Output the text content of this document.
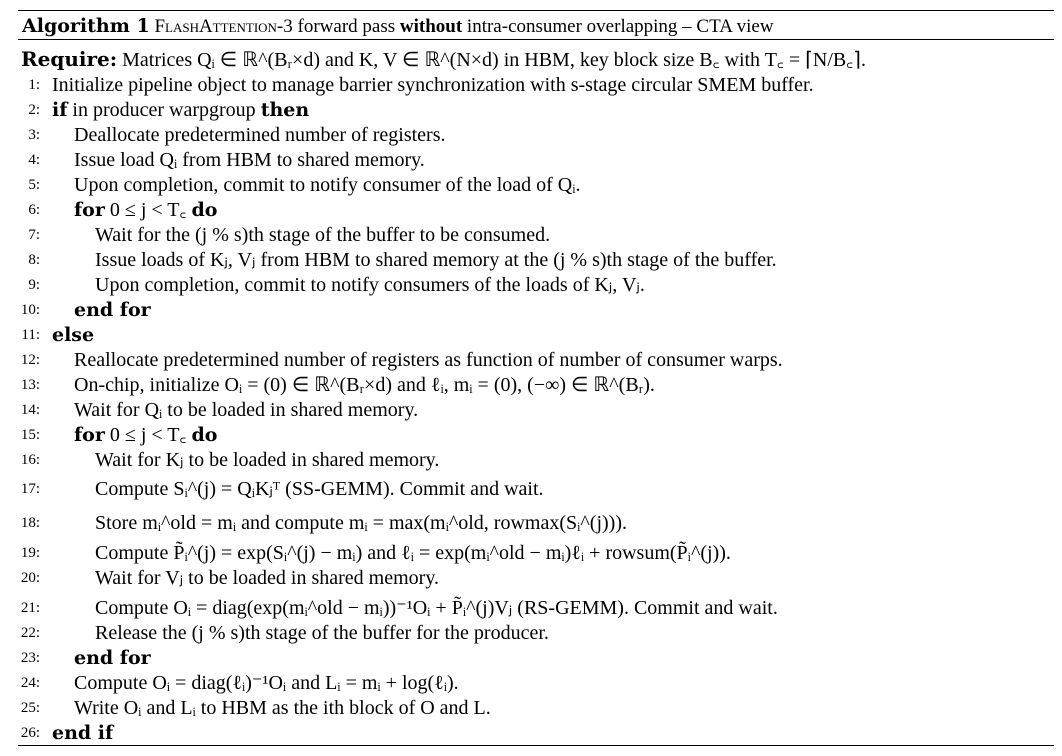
Algorithm 1 FlashAttention-3 forward pass without intra-consumer overlapping – CTA view
Require: Matrices Qᵢ ∈ ℝ^(Bᵣ×d) and K, V ∈ ℝ^(N×d) in HBM, key block size B꜀ with T꜀ = ⌈N/B꜀⌉.
1: Initialize pipeline object to manage barrier synchronization with s-stage circular SMEM buffer.
2: if in producer warpgroup then
3: Deallocate predetermined number of registers.
4: Issue load Qᵢ from HBM to shared memory.
5: Upon completion, commit to notify consumer of the load of Qᵢ.
6: for 0 ≤ j < T꜀ do
7:	Wait for the (j % s)th stage of the buffer to be consumed.
8:	Issue loads of Kⱼ, Vⱼ from HBM to shared memory at the (j % s)th stage of the buffer.
9:	Upon completion, commit to notify consumers of the loads of Kⱼ, Vⱼ.
10: end for
11: else
12: Reallocate predetermined number of registers as function of number of consumer warps.
13: On-chip, initialize Oᵢ = (0) ∈ ℝ^(Bᵣ×d) and ℓᵢ, mᵢ = (0), (−∞) ∈ ℝ^(Bᵣ).
14: Wait for Qᵢ to be loaded in shared memory.
15: for 0 ≤ j < T꜀ do
16:	Wait for Kⱼ to be loaded in shared memory.
17:	Compute Sᵢ^(j) = QᵢKⱼᵀ (SS-GEMM). Commit and wait.
18:	Store mᵢ^old = mᵢ and compute mᵢ = max(mᵢ^old, rowmax(Sᵢ^(j))).
19:	Compute P̃ᵢ^(j) = exp(Sᵢ^(j) − mᵢ) and ℓᵢ = exp(mᵢ^old − mᵢ)ℓᵢ + rowsum(P̃ᵢ^(j)).
20:	Wait for Vⱼ to be loaded in shared memory.
21:	Compute Oᵢ = diag(exp(mᵢ^old − mᵢ))⁻¹Oᵢ + P̃ᵢ^(j)Vⱼ (RS-GEMM). Commit and wait.
22:	Release the (j % s)th stage of the buffer for the producer.
23: end for
24: Compute Oᵢ = diag(ℓᵢ)⁻¹Oᵢ and Lᵢ = mᵢ + log(ℓᵢ).
25: Write Oᵢ and Lᵢ to HBM as the ith block of O and L.
26: end if
